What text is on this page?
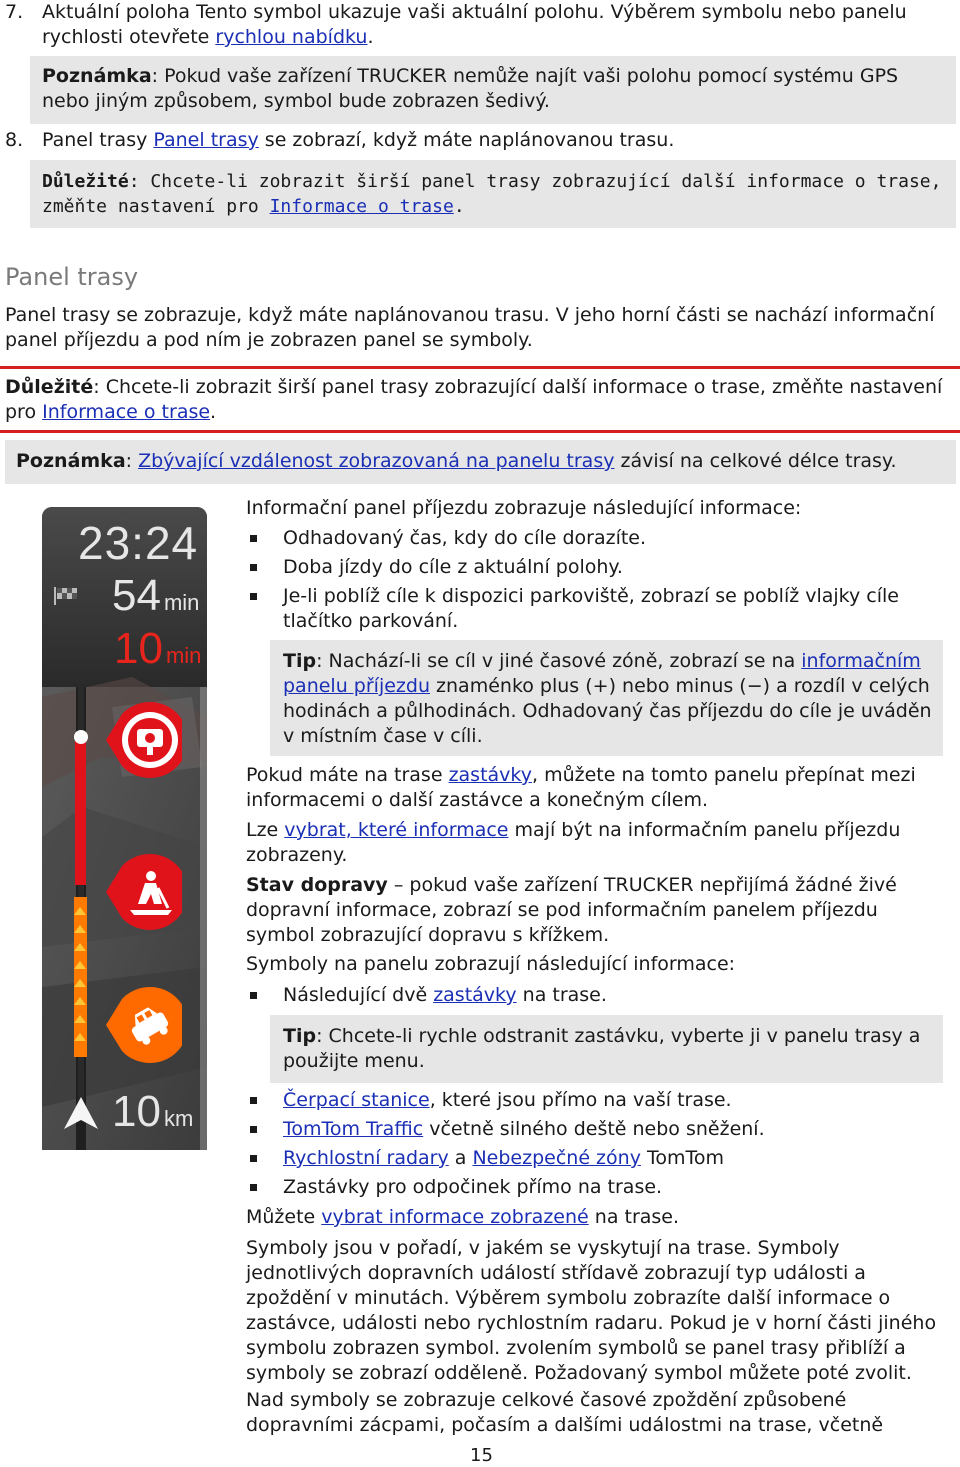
7. Aktuální poloha Tento symbol ukazuje vaši aktuální polohu. Výběrem symbolu nebo panelu rychlosti otevřete rychlou nabídku.
Poznámka: Pokud vaše zařízení TRUCKER nemůže najít vaši polohu pomocí systému GPS nebo jiným způsobem, symbol bude zobrazen šedivý.
8. Panel trasy Panel trasy se zobrazí, když máte naplánovanou trasu.
Důležité: Chcete-li zobrazit širší panel trasy zobrazující další informace o trase, změňte nastavení pro Informace o trase.
Panel trasy
Panel trasy se zobrazuje, když máte naplánovanou trasu. V jeho horní části se nachází informační panel příjezdu a pod ním je zobrazen panel se symboly.
Důležité: Chcete-li zobrazit širší panel trasy zobrazující další informace o trase, změňte nastavení pro Informace o trase.
Poznámka: Zbývající vzdálenost zobrazovaná na panelu trasy závisí na celkové délce trasy.
23:24
54 min
10 min
10 km
Informační panel příjezdu zobrazuje následující informace:
Odhadovaný čas, kdy do cíle dorazíte.
Doba jízdy do cíle z aktuální polohy.
Je-li poblíž cíle k dispozici parkoviště, zobrazí se poblíž vlajky cíle tlačítko parkování.
Tip: Nachází-li se cíl v jiné časové zóně, zobrazí se na informačním panelu příjezdu znaménko plus (+) nebo minus (−) a rozdíl v celých hodinách a půlhodinách. Odhadovaný čas příjezdu do cíle je uváděn v místním čase v cíli.
Pokud máte na trase zastávky, můžete na tomto panelu přepínat mezi informacemi o další zastávce a konečným cílem.
Lze vybrat, které informace mají být na informačním panelu příjezdu zobrazeny.
Stav dopravy – pokud vaše zařízení TRUCKER nepřijímá žádné živé dopravní informace, zobrazí se pod informačním panelem příjezdu symbol zobrazující dopravu s křížkem.
Symboly na panelu zobrazují následující informace:
Následující dvě zastávky na trase.
Tip: Chcete-li rychle odstranit zastávku, vyberte ji v panelu trasy a použijte menu.
Čerpací stanice, které jsou přímo na vaší trase.
TomTom Traffic včetně silného deště nebo sněžení.
Rychlostní radary a Nebezpečné zóny TomTom
Zastávky pro odpočinek přímo na trase.
Můžete vybrat informace zobrazené na trase.
Symboly jsou v pořadí, v jakém se vyskytují na trase. Symboly jednotlivých dopravních událostí střídavě zobrazují typ události a zpoždění v minutách. Výběrem symbolu zobrazíte další informace o zastávce, události nebo rychlostním radaru. Pokud je v horní části jiného symbolu zobrazen symbol. zvolením symbolů se panel trasy přiblíží a symboly se zobrazí odděleně. Požadovaný symbol můžete poté zvolit.
Nad symboly se zobrazuje celkové časové zpoždění způsobené dopravními zácpami, počasím a dalšími událostmi na trase, včetně
15
